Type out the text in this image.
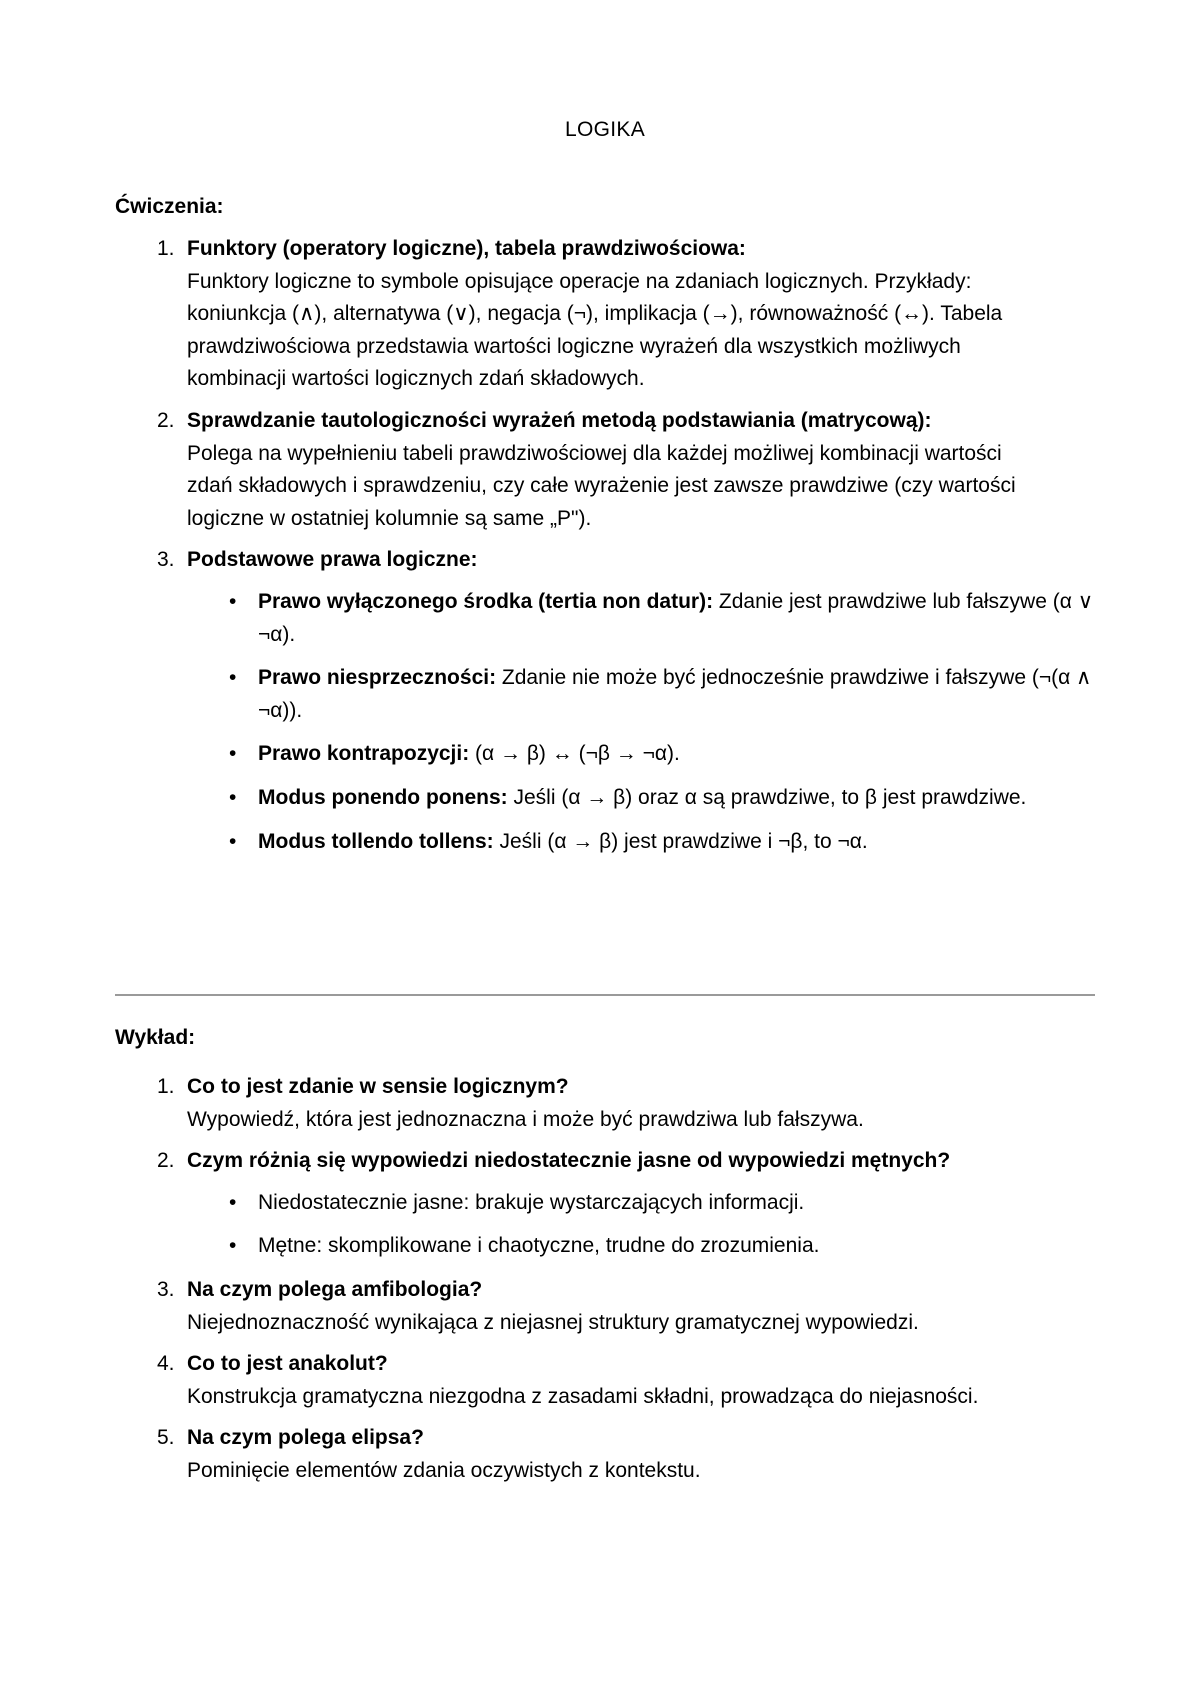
LOGIKA
Ćwiczenia:
1. Funktory (operatory logiczne), tabela prawdziwościowa:
Funktory logiczne to symbole opisujące operacje na zdaniach logicznych. Przykłady: koniunkcja (∧), alternatywa (∨), negacja (¬), implikacja (→), równoważność (↔). Tabela prawdziwościowa przedstawia wartości logiczne wyrażeń dla wszystkich możliwych kombinacji wartości logicznych zdań składowych.
2. Sprawdzanie tautologiczności wyrażeń metodą podstawiania (matrycową):
Polega na wypełnieniu tabeli prawdziwościowej dla każdej możliwej kombinacji wartości zdań składowych i sprawdzeniu, czy całe wyrażenie jest zawsze prawdziwe (czy wartości logiczne w ostatniej kolumnie są same „P").
3. Podstawowe prawa logiczne:
• Prawo wyłączonego środka (tertia non datur): Zdanie jest prawdziwe lub fałszywe (α ∨ ¬α).
• Prawo niesprzeczności: Zdanie nie może być jednocześnie prawdziwe i fałszywe (¬(α ∧ ¬α)).
• Prawo kontrapozycji: (α → β) ↔ (¬β → ¬α).
• Modus ponendo ponens: Jeśli (α → β) oraz α są prawdziwe, to β jest prawdziwe.
• Modus tollendo tollens: Jeśli (α → β) jest prawdziwe i ¬β, to ¬α.
Wykład:
1. Co to jest zdanie w sensie logicznym?
Wypowiedź, która jest jednoznaczna i może być prawdziwa lub fałszywa.
2. Czym różnią się wypowiedzi niedostatecznie jasne od wypowiedzi mętnych?
• Niedostatecznie jasne: brakuje wystarczających informacji.
• Mętne: skomplikowane i chaotyczne, trudne do zrozumienia.
3. Na czym polega amfibologia?
Niejednoznaczność wynikająca z niejasnej struktury gramatycznej wypowiedzi.
4. Co to jest anakolut?
Konstrukcja gramatyczna niezgodna z zasadami składni, prowadząca do niejasności.
5. Na czym polega elipsa?
Pominięcie elementów zdania oczywistych z kontekstu.
